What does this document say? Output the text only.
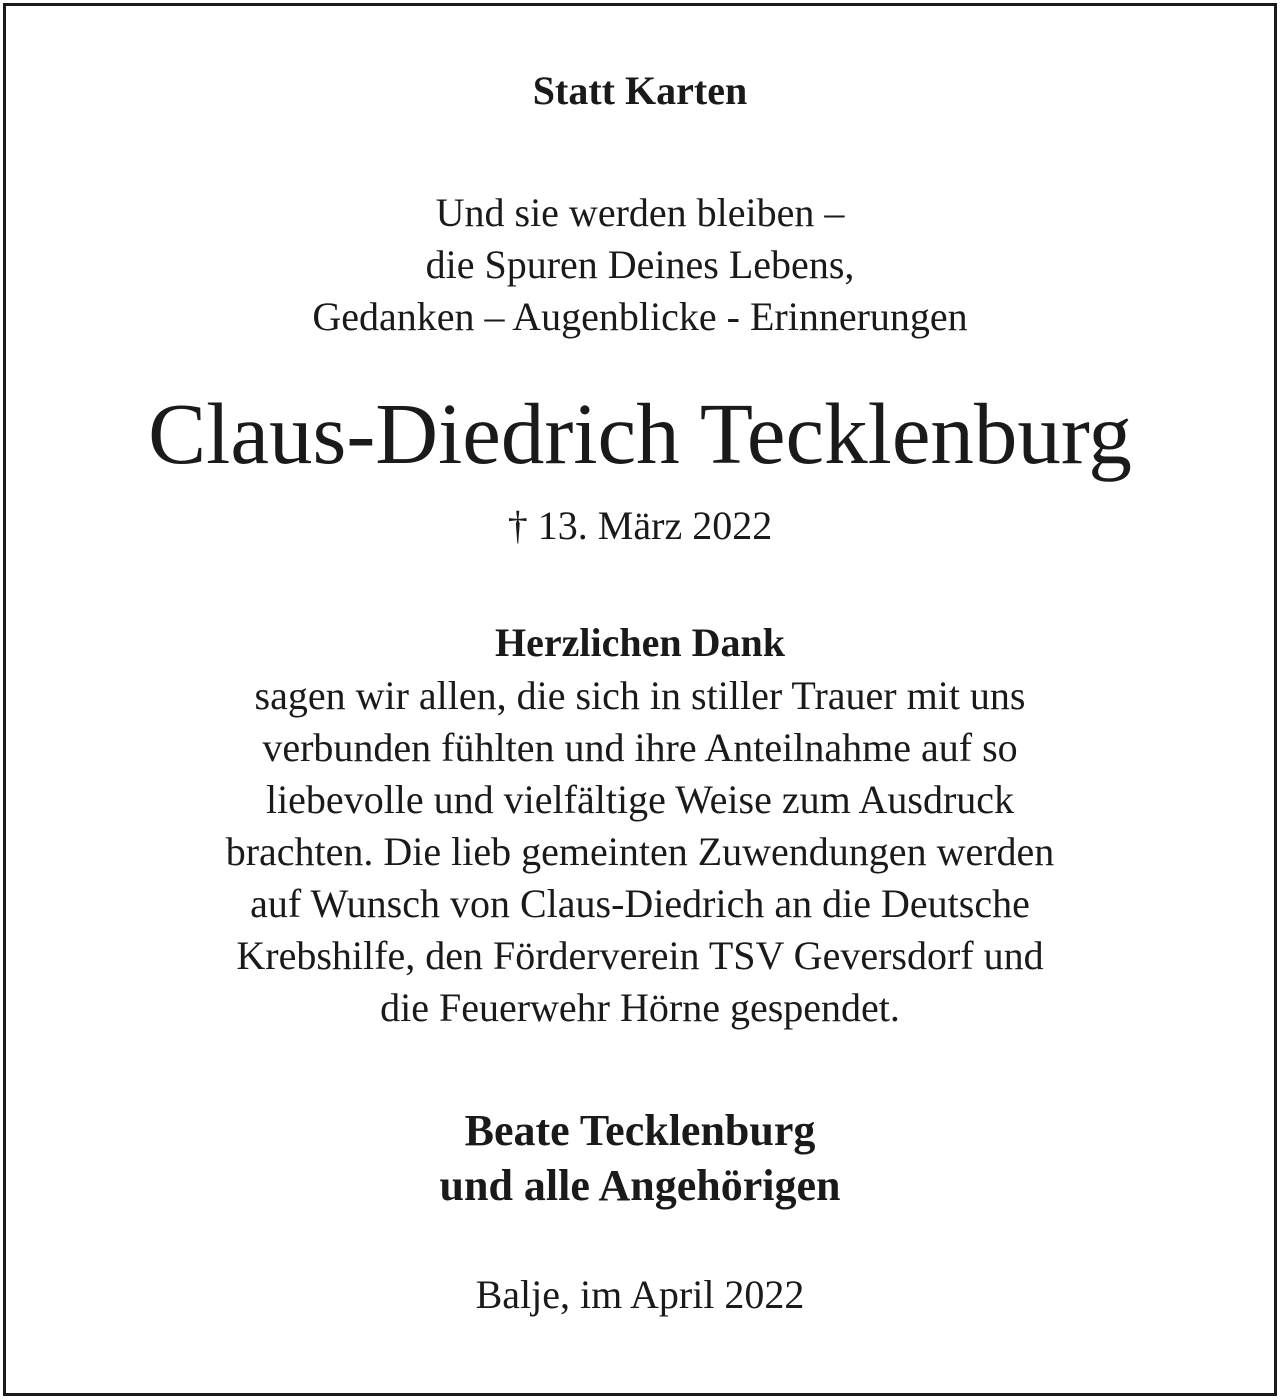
Statt Karten

Und sie werden bleiben –

die Spuren Deines Lebens,

Gedanken – Augenblicke - Erinnerungen

Claus-Diedrich Tecklenburg

† 13. März 2022

Herzlichen Dank

sagen wir allen, die sich in stiller Trauer mit uns

verbunden fühlten und ihre Anteilnahme auf so

liebevolle und vielfältige Weise zum Ausdruck

brachten. Die lieb gemeinten Zuwendungen werden

auf Wunsch von Claus-Diedrich an die Deutsche

Krebshilfe, den Förderverein TSV Geversdorf und

die Feuerwehr Hörne gespendet.

Beate Tecklenburg

und alle Angehörigen

Balje, im April 2022
